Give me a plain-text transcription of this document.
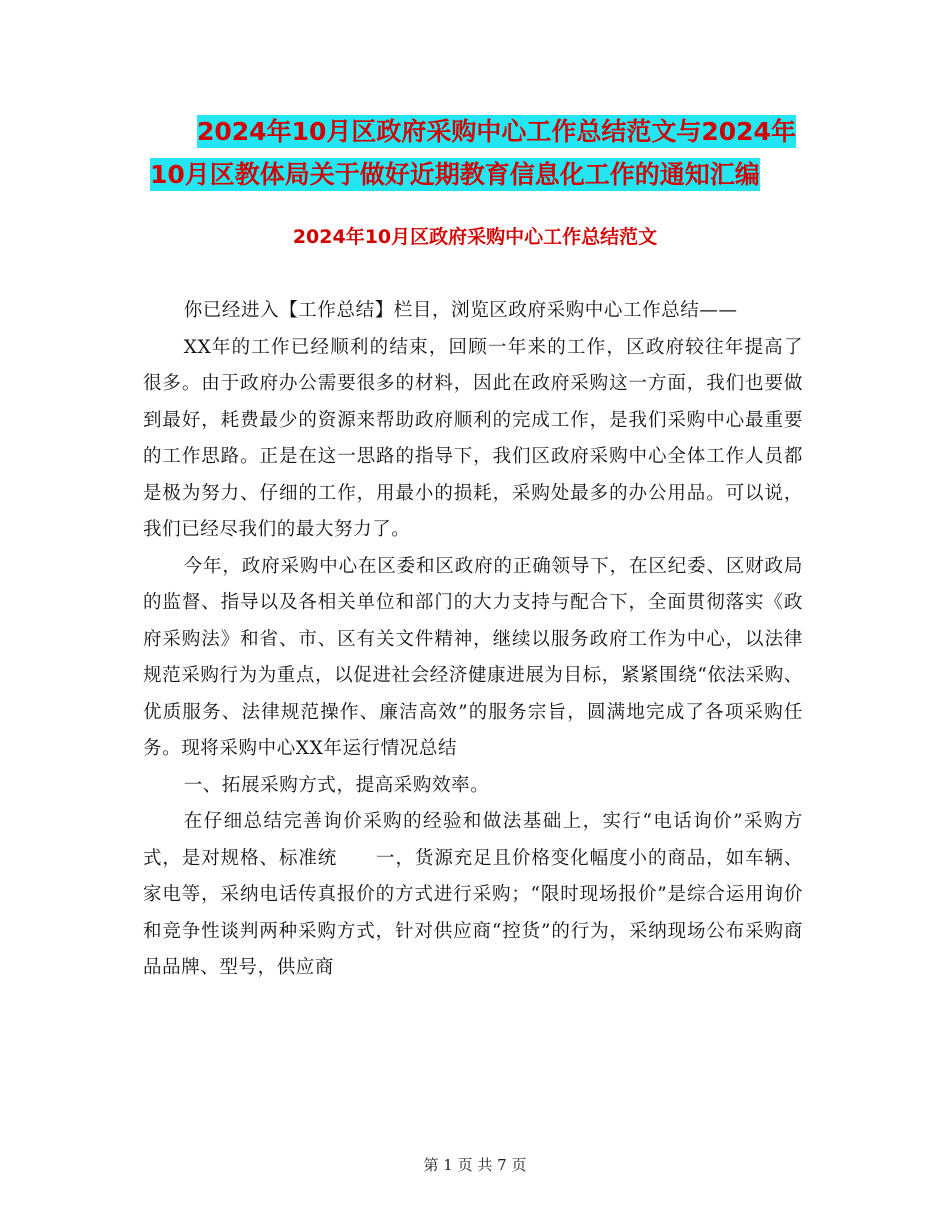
2024年10月区政府采购中心工作总结范文与2024年
10月区教体局关于做好近期教育信息化工作的通知汇编
2024年10月区政府采购中心工作总结范文

你已经进入【工作总结】栏目，浏览区政府采购中心工作总结——

XX年的工作已经顺利的结束，回顾一年来的工作，区政府较往年提高了很多。由于政府办公需要很多的材料，因此在政府采购这一方面，我们也要做到最好，耗费最少的资源来帮助政府顺利的完成工作，是我们采购中心最重要的工作思路。正是在这一思路的指导下，我们区政府采购中心全体工作人员都是极为努力、仔细的工作，用最小的损耗，采购处最多的办公用品。可以说，我们已经尽我们的最大努力了。

今年，政府采购中心在区委和区政府的正确领导下，在区纪委、区财政局的监督、指导以及各相关单位和部门的大力支持与配合下，全面贯彻落实《政府采购法》和省、市、区有关文件精神，继续以服务政府工作为中心，以法律规范采购行为为重点，以促进社会经济健康进展为目标，紧紧围绕“依法采购、优质服务、法律规范操作、廉洁高效”的服务宗旨，圆满地完成了各项采购任务。现将采购中心XX年运行情况总结

一、拓展采购方式，提高采购效率。

在仔细总结完善询价采购的经验和做法基础上，实行“电话询价”采购方式，是对规格、标准统　　一，货源充足且价格变化幅度小的商品，如车辆、家电等，采纳电话传真报价的方式进行采购；“限时现场报价”是综合运用询价和竞争性谈判两种采购方式，针对供应商“控货”的行为，采纳现场公布采购商品品牌、型号，供应商

第 1 页 共 7 页
